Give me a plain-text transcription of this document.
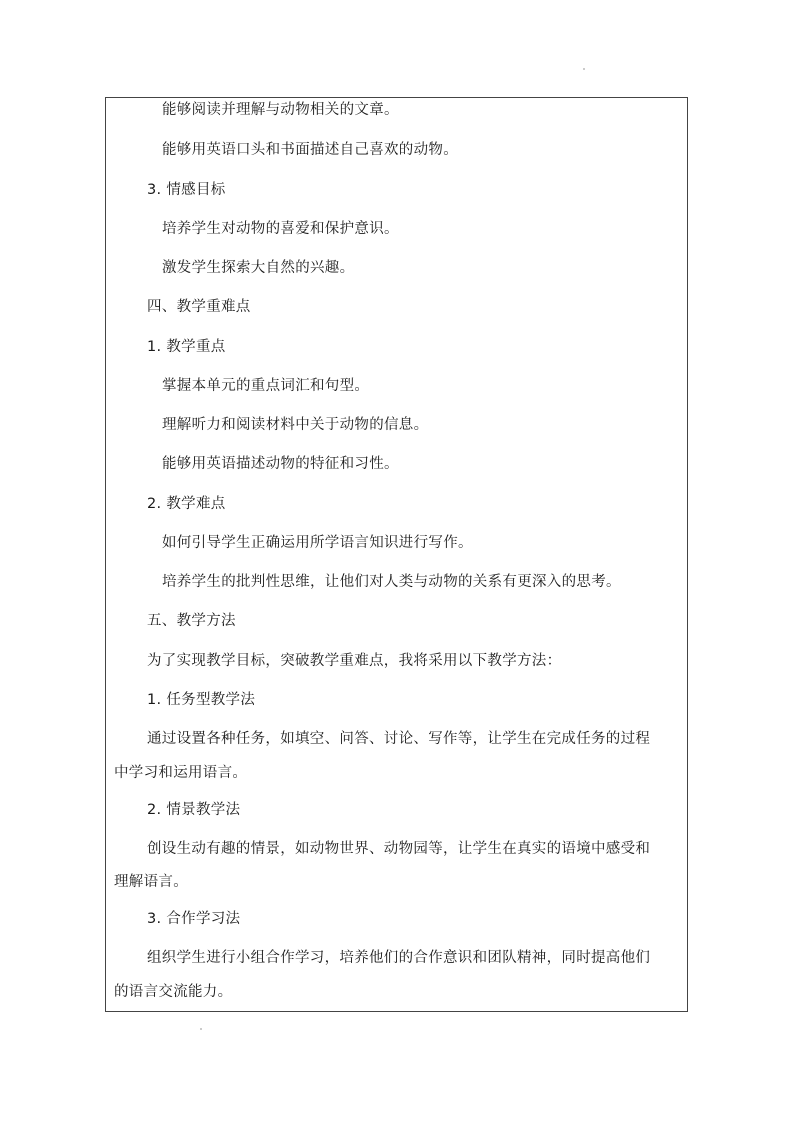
能够阅读并理解与动物相关的文章。
能够用英语口头和书面描述自己喜欢的动物。
3. 情感目标
培养学生对动物的喜爱和保护意识。
激发学生探索大自然的兴趣。
四、教学重难点
1. 教学重点
掌握本单元的重点词汇和句型。
理解听力和阅读材料中关于动物的信息。
能够用英语描述动物的特征和习性。
2. 教学难点
如何引导学生正确运用所学语言知识进行写作。
培养学生的批判性思维，让他们对人类与动物的关系有更深入的思考。
五、教学方法
为了实现教学目标，突破教学重难点，我将采用以下教学方法：
1. 任务型教学法
通过设置各种任务，如填空、问答、讨论、写作等，让学生在完成任务的过程
中学习和运用语言。
2. 情景教学法
创设生动有趣的情景，如动物世界、动物园等，让学生在真实的语境中感受和
理解语言。
3. 合作学习法
组织学生进行小组合作学习，培养他们的合作意识和团队精神，同时提高他们
的语言交流能力。
